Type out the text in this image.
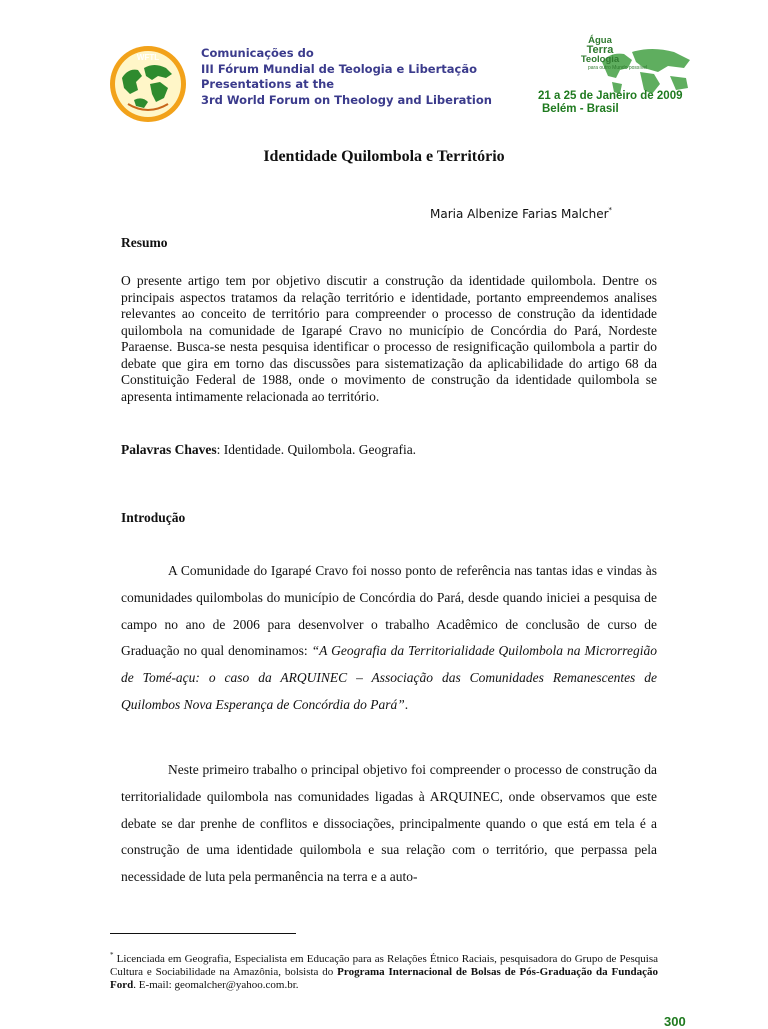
WFTL	Comunicações do
III Fórum Mundial de Teologia e Libertação
Presentations at the
3rd World Forum on Theology and Liberation
Água
Terra
Teologia
para outro Mundo possível
21 a 25 de Janeiro de 2009
Belém - Brasil
Identidade Quilombola e Território
Maria Albenize Farias Malcher*
Resumo

O presente artigo tem por objetivo discutir a construção da identidade quilombola. Dentre os principais aspectos tratamos da relação território e identidade, portanto empreendemos analises relevantes ao conceito de território para compreender o processo de construção da identidade quilombola na comunidade de Igarapé Cravo no município de Concórdia do Pará, Nordeste Paraense. Busca-se nesta pesquisa identificar o processo de resignificação quilombola a partir do debate que gira em torno das discussões para sistematização da aplicabilidade do artigo 68 da Constituição Federal de 1988, onde o movimento de construção da identidade quilombola se apresenta intimamente relacionada ao território.

Palavras Chaves: Identidade. Quilombola. Geografia.
Introdução

A Comunidade do Igarapé Cravo foi nosso ponto de referência nas tantas idas e vindas às comunidades quilombolas do município de Concórdia do Pará, desde quando iniciei a pesquisa de campo no ano de 2006 para desenvolver o trabalho Acadêmico de conclusão de curso de Graduação no qual denominamos: “A Geografia da Territorialidade Quilombola na Microrregião de Tomé-açu: o caso da ARQUINEC – Associação das Comunidades Remanescentes de Quilombos Nova Esperança de Concórdia do Pará”.

Neste primeiro trabalho o principal objetivo foi compreender o processo de construção da territorialidade quilombola nas comunidades ligadas à ARQUINEC, onde observamos que este debate se dar prenhe de conflitos e dissociações, principalmente quando o que está em tela é a construção de uma identidade quilombola e sua relação com o território, que perpassa pela necessidade de luta pela permanência na terra e a auto-

* Licenciada em Geografia, Especialista em Educação para as Relações Étnico Raciais, pesquisadora do Grupo de Pesquisa Cultura e Sociabilidade na Amazônia, bolsista do Programa Internacional de Bolsas de Pós-Graduação da Fundação Ford. E-mail: geomalcher@yahoo.com.br.

300
